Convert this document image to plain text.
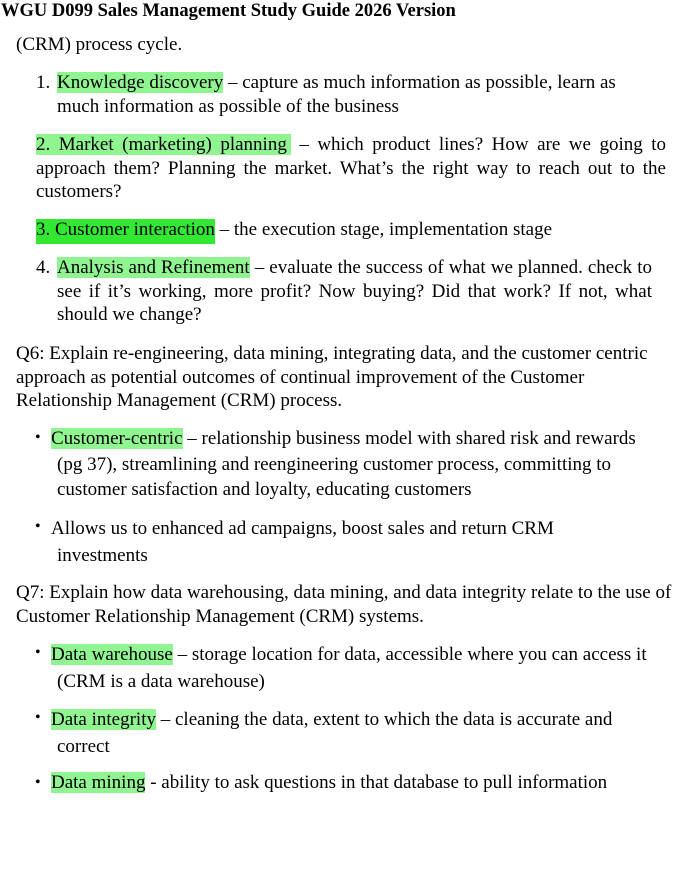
WGU D099 Sales Management Study Guide 2026 Version
(CRM) process cycle.
1. Knowledge discovery – capture as much information as possible, learn as much information as possible of the business
2. Market (marketing) planning – which product lines? How are we going to approach them? Planning the market. What’s the right way to reach out to the customers?
3. Customer interaction – the execution stage, implementation stage
4. Analysis and Refinement – evaluate the success of what we planned. check to see if it’s working, more profit? Now buying? Did that work? If not, what should we change?
Q6: Explain re-engineering, data mining, integrating data, and the customer centric approach as potential outcomes of continual improvement of the Customer Relationship Management (CRM) process.
• Customer-centric – relationship business model with shared risk and rewards (pg 37), streamlining and reengineering customer process, committing to customer satisfaction and loyalty, educating customers
• Allows us to enhanced ad campaigns, boost sales and return CRM investments
Q7: Explain how data warehousing, data mining, and data integrity relate to the use of Customer Relationship Management (CRM) systems.
• Data warehouse – storage location for data, accessible where you can access it (CRM is a data warehouse)
• Data integrity – cleaning the data, extent to which the data is accurate and correct
• Data mining - ability to ask questions in that database to pull information
